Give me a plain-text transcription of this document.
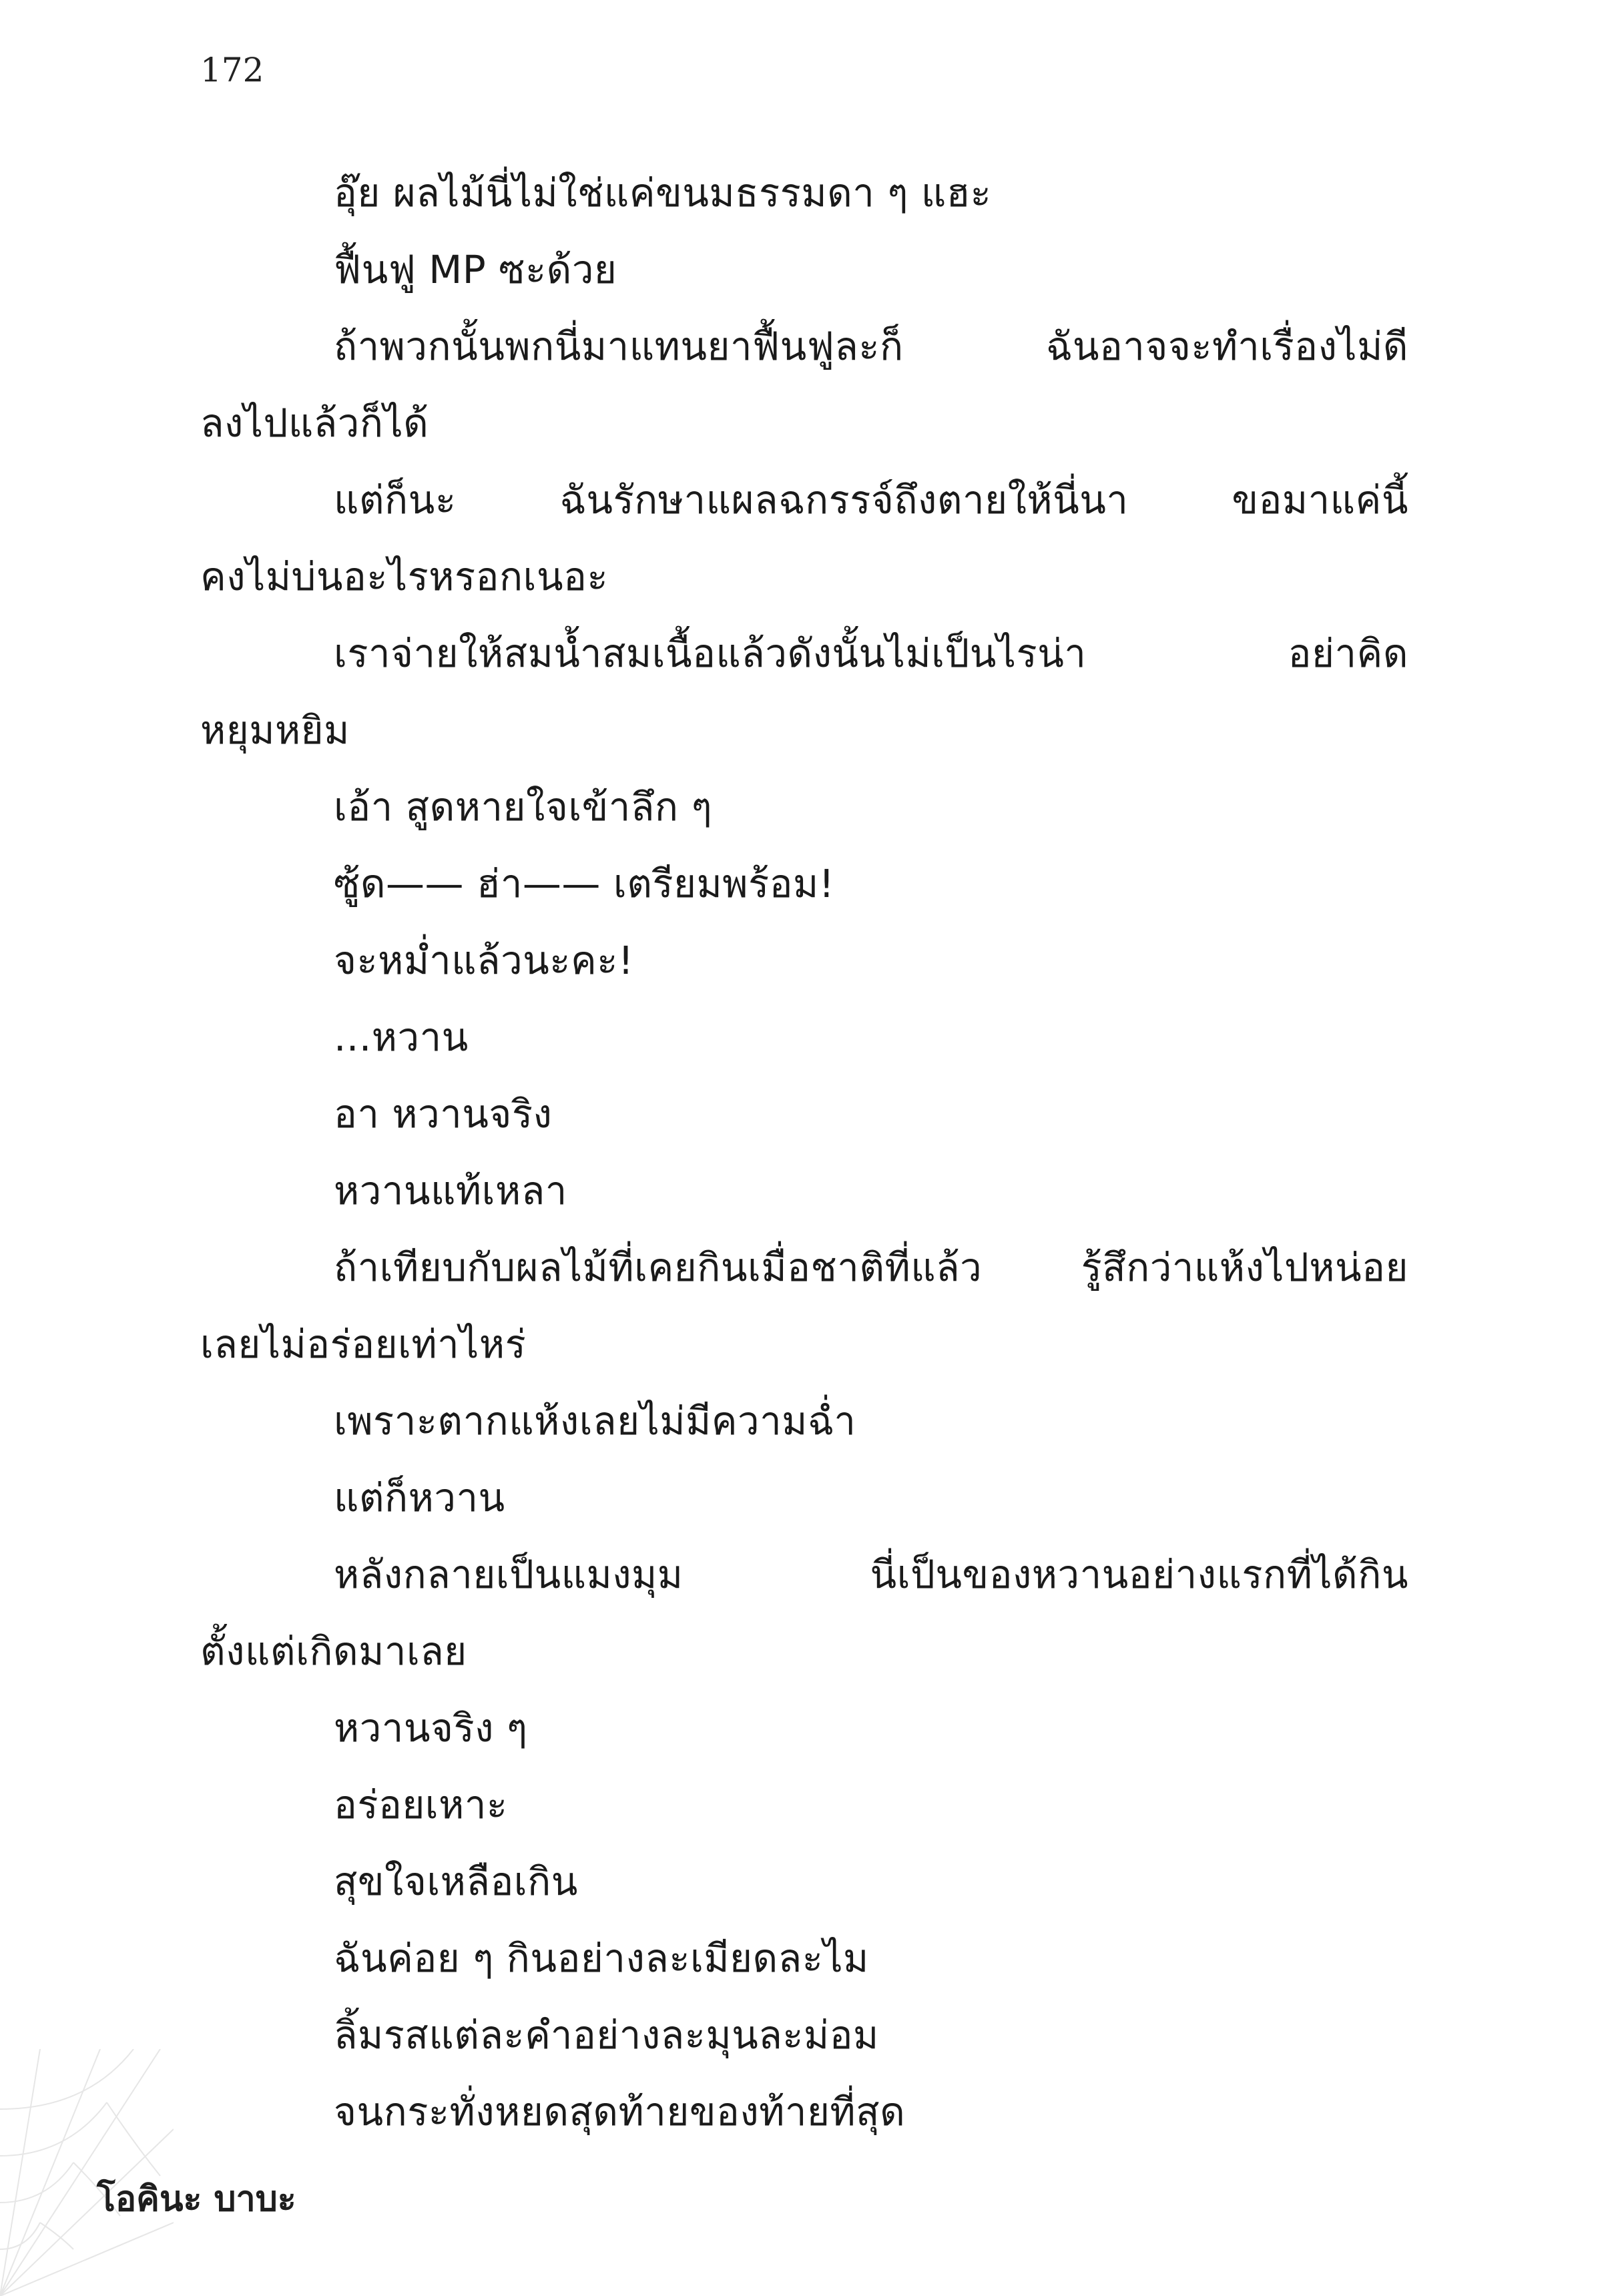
172
อุ๊ย ผลไม้นี่ไม่ใช่แค่ขนมธรรมดา ๆ แฮะ
ฟื้นฟู MP ซะด้วย
ถ้าพวกนั้นพกนี่มาแทนยาฟื้นฟูละก็ ฉันอาจจะทำเรื่องไม่ดี
ลงไปแล้วก็ได้
แต่ก็นะ ฉันรักษาแผลฉกรรจ์ถึงตายให้นี่นา ขอมาแค่นี้
คงไม่บ่นอะไรหรอกเนอะ
เราจ่ายให้สมน้ำสมเนื้อแล้วดังนั้นไม่เป็นไรน่า อย่าคิด
หยุมหยิม
เอ้า สูดหายใจเข้าลึก ๆ
ซู้ด—— ฮ่า—— เตรียมพร้อม!
จะหม่ำแล้วนะคะ!
...หวาน
อา หวานจริง
หวานแท้เหลา
ถ้าเทียบกับผลไม้ที่เคยกินเมื่อชาติที่แล้ว รู้สึกว่าแห้งไปหน่อย
เลยไม่อร่อยเท่าไหร่
เพราะตากแห้งเลยไม่มีความฉ่ำ
แต่ก็หวาน
หลังกลายเป็นแมงมุม นี่เป็นของหวานอย่างแรกที่ได้กิน
ตั้งแต่เกิดมาเลย
หวานจริง ๆ
อร่อยเหาะ
สุขใจเหลือเกิน
ฉันค่อย ๆ กินอย่างละเมียดละไม
ลิ้มรสแต่ละคำอย่างละมุนละม่อม
จนกระทั่งหยดสุดท้ายของท้ายที่สุด
โอคินะ บาบะ
